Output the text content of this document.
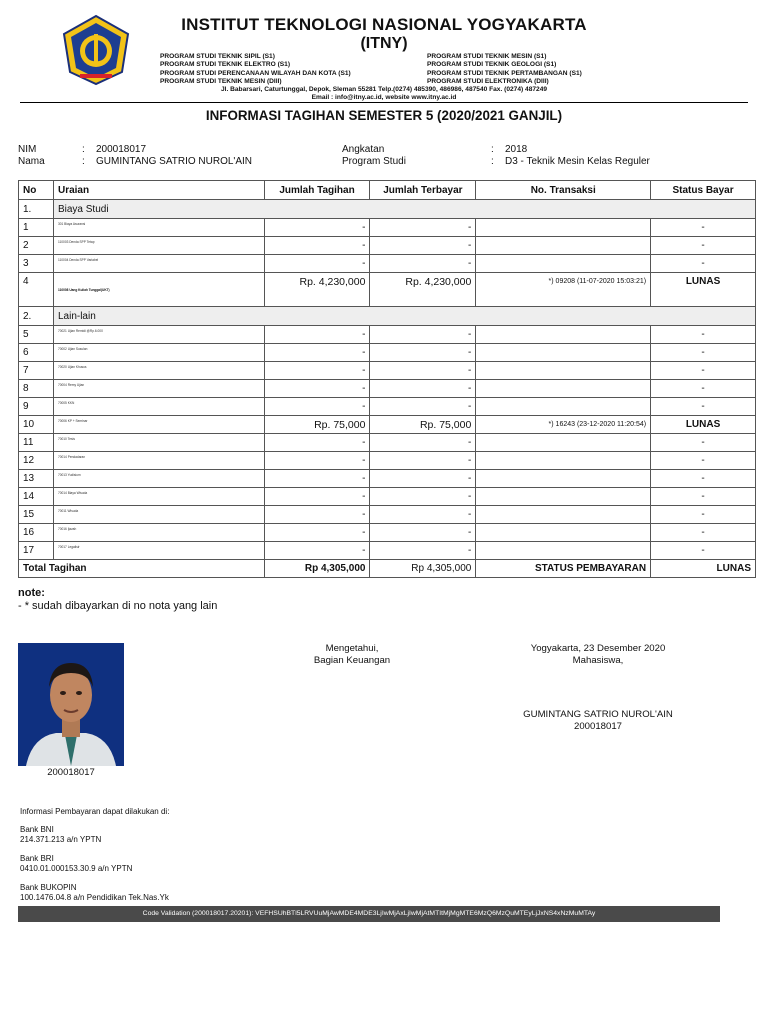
INSTITUT TEKNOLOGI NASIONAL YOGYAKARTA
(ITNY)
PROGRAM STUDI TEKNIK SIPIL (S1)
PROGRAM STUDI TEKNIK ELEKTRO (S1)
PROGRAM STUDI PERENCANAAN WILAYAH DAN KOTA (S1)
PROGRAM STUDI TEKNIK MESIN (DIII)
PROGRAM STUDI TEKNIK MESIN (S1)
PROGRAM STUDI TEKNIK GEOLOGI (S1)
PROGRAM STUDI TEKNIK PERTAMBANGAN (S1)
PROGRAM STUDI ELEKTRONIKA (DIII)
Jl. Babarsari, Caturtunggal, Depok, Sleman 55281 Telp.(0274) 485390, 486986, 487540 Fax. (0274) 487249
Email : info@itny.ac.id, website www.itny.ac.id
INFORMASI TAGIHAN SEMESTER 5 (2020/2021 GANJIL)
NIM	: 200018017
Nama	: GUMINTANG SATRIO NUROL'AIN
Angkatan	: 2018
Program Studi	: D3 - Teknik Mesin Kelas Reguler
No	Uraian	Jumlah Tagihan	Jumlah Terbayar	No. Transaksi	Status Bayar
1.	Biaya Studi				
1	301 Biaya Asuransi	-	-		-
2	110003 Denda SPP Tetap	-	-		-
3	110004 Denda SPP Variabel	-	-		-
4	110008 Uang Kuliah Tunggal(UKT)	Rp. 4,230,000	Rp. 4,230,000	*) 09208 (11-07-2020 15:03:21)	LUNAS
2.	Lain-lain				
5	70021 Ujian Remidi @Rp.6.000	-	-		-
6	70002 Ujian Susulan	-	-		-
7	70020 Ujian Khusus	-	-		-
8	70004 Remy Ujian	-	-		-
9	70005 KKN	-	-		-
10	70006 KP + Seminar	Rp. 75,000	Rp. 75,000	*) 16243 (23-12-2020 11:20:54)	LUNAS
11	70010 Tesis	-	-		-
12	70014 Pendadaran	-	-		-
13	70013 Yudisium	-	-		-
14	70014 Biaya Wisuda	-	-		-
15	70011 Wisuda	-	-		-
16	70016 Ijazah	-	-		-
17	70017 Legalisir	-	-		-
Total Tagihan		Rp 4,305,000	Rp 4,305,000	STATUS PEMBAYARAN	LUNAS
note:
- * sudah dibayarkan di no nota yang lain
200018017
Mengetahui,
Bagian Keuangan
Yogyakarta, 23 Desember 2020
Mahasiswa,
GUMINTANG SATRIO NUROL'AIN
200018017
Informasi Pembayaran dapat dilakukan di:
Bank BNI
214.371.213 a/n YPTN
Bank BRI
0410.01.000153.30.9 a/n YPTN
Bank BUKOPIN
100.1476.04.8 a/n Pendidikan Tek.Nas.Yk
Code Validation (200018017.20201): VEFHSUhBTl5LRVUuMjAwMDE4MDE3LjIwMjAxLjIwMjAtMTItMjMgMTE6MzQ6MzQuMTEyLjJxNS4xNzMuMTAy
